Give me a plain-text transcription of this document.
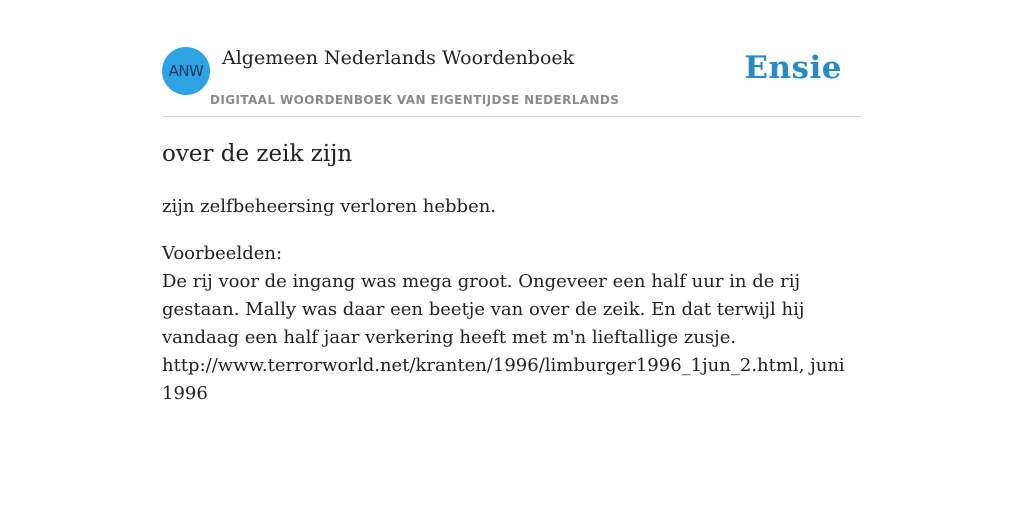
ANW
Algemeen Nederlands Woordenboek
DIGITAAL WOORDENBOEK VAN EIGENTIJDSE NEDERLANDS
Ensie
over de zeik zijn

zijn zelfbeheersing verloren hebben.

Voorbeelden:
De rij voor de ingang was mega groot. Ongeveer een half uur in de rij gestaan. Mally was daar een beetje van over de zeik. En dat terwijl hij vandaag een half jaar verkering heeft met m'n lieftallige zusje.
http://www.terrorworld.net/kranten/1996/limburger1996_1jun_2.html, juni 1996
